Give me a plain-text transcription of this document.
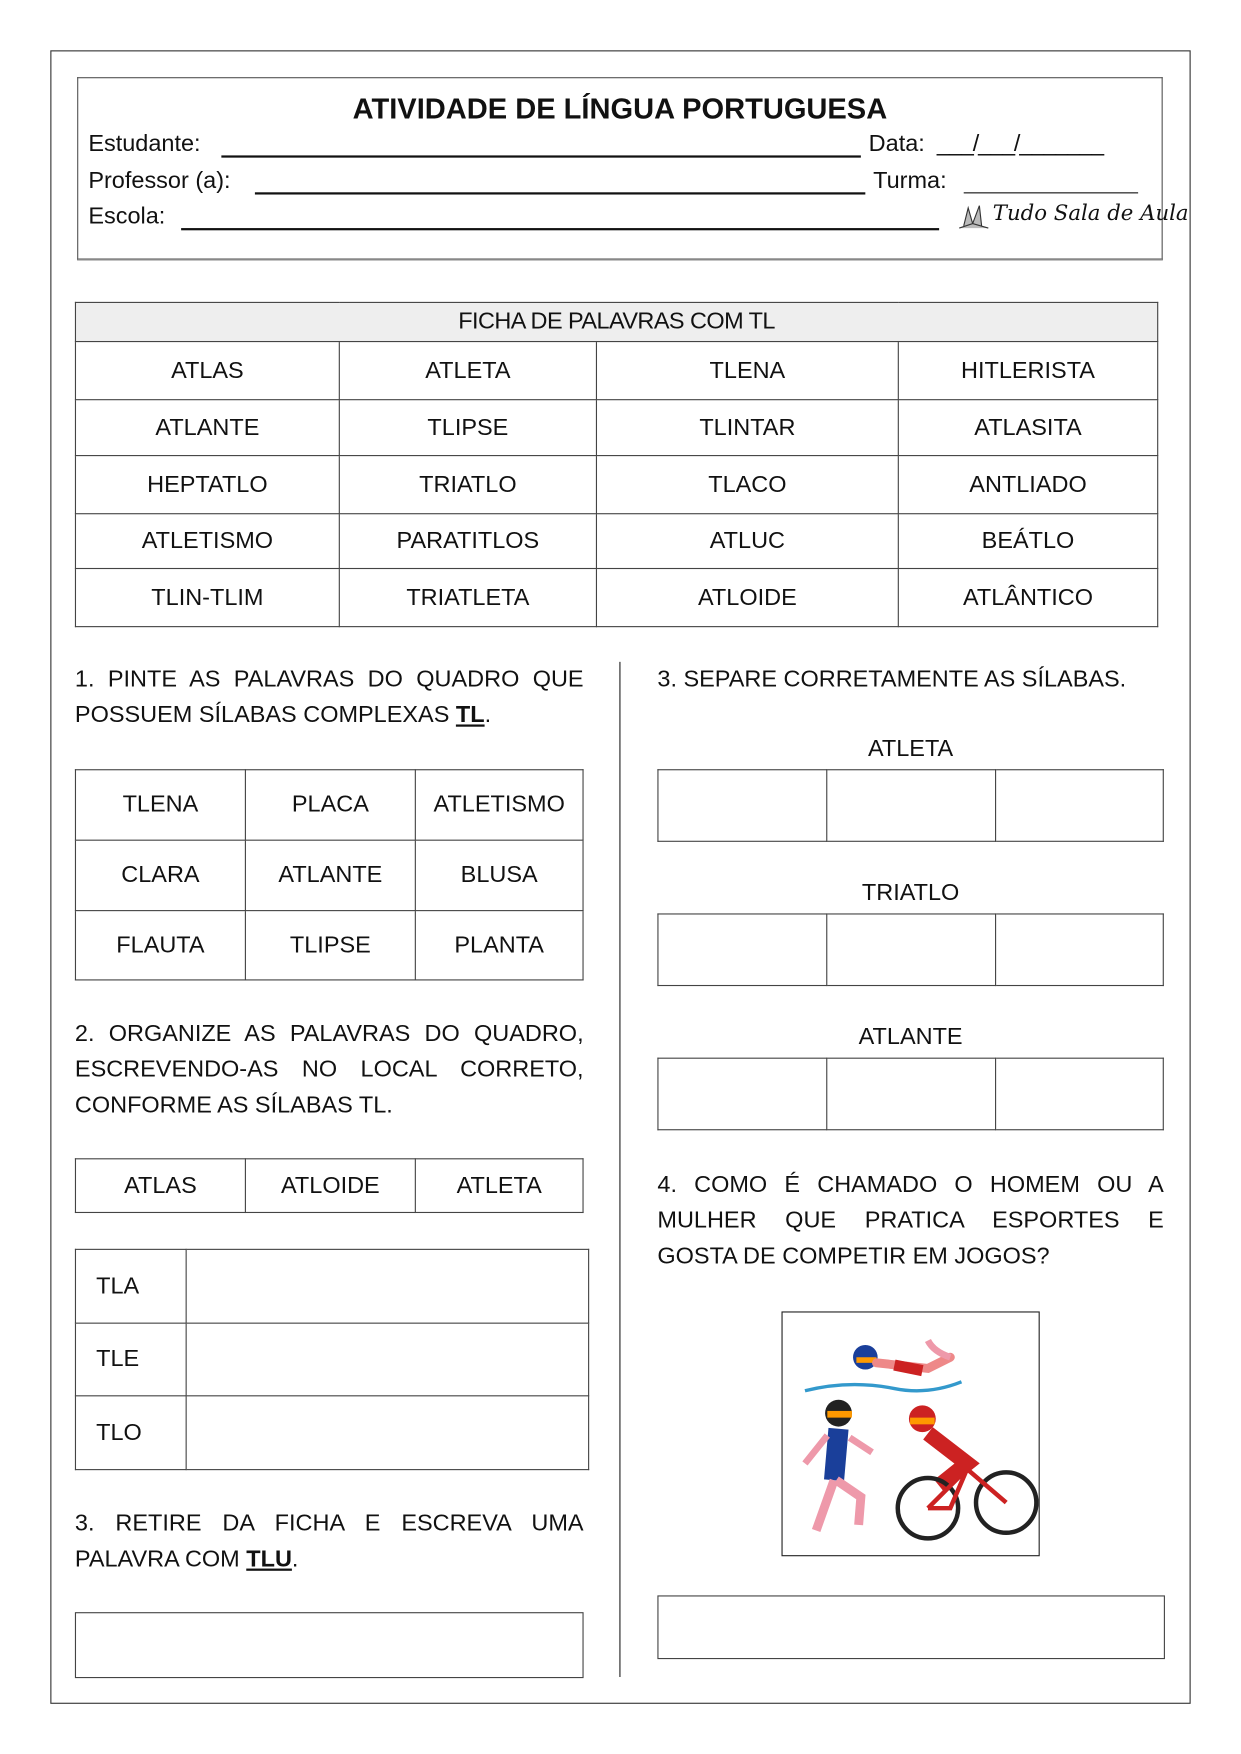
ATIVIDADE DE LÍNGUA PORTUGUESA
Estudante:	Data: ___/___/_______
Professor (a):	Turma:
Escola:	Tudo Sala de Aula
FICHA DE PALAVRAS COM TL			
ATLAS	ATLETA	TLENA	HITLERISTA
ATLANTE	TLIPSE	TLINTAR	ATLASITA
HEPTATLO	TRIATLO	TLACO	ANTLIADO
ATLETISMO	PARATITLOS	ATLUC	BEÁTLO
TLIN-TLIM	TRIATLETA	ATLOIDE	ATLÂNTICO
1. PINTE AS PALAVRAS DO QUADRO QUE
POSSUEM SÍLABAS COMPLEXAS TL.
TLENA	PLACA	ATLETISMO
CLARA	ATLANTE	BLUSA
FLAUTA	TLIPSE	PLANTA
2. ORGANIZE AS PALAVRAS DO QUADRO,
ESCREVENDO-AS NO LOCAL CORRETO,
CONFORME AS SÍLABAS TL.
ATLAS	ATLOIDE	ATLETA
TLA	
TLE	
TLO	
3. RETIRE DA FICHA E ESCREVA UMA
PALAVRA COM TLU.
3. SEPARE CORRETAMENTE AS SÍLABAS.
ATLETA

TRIATLO

ATLANTE

4. COMO É CHAMADO O HOMEM OU A
MULHER QUE PRATICA ESPORTES E
GOSTA DE COMPETIR EM JOGOS?
